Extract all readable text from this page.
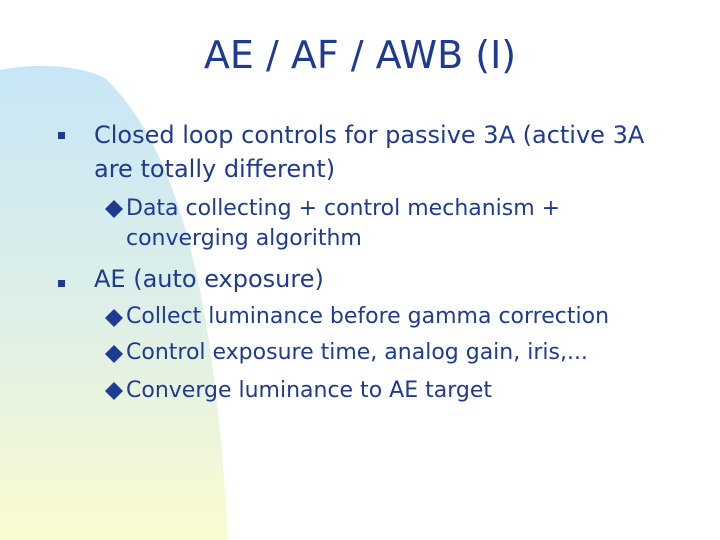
AE / AF / AWB (I)
Closed loop controls for passive 3A (active 3A are totally different)
Data collecting + control mechanism + converging algorithm
AE (auto exposure)
Collect luminance before gamma correction
Control exposure time, analog gain, iris,...
Converge luminance to AE target
